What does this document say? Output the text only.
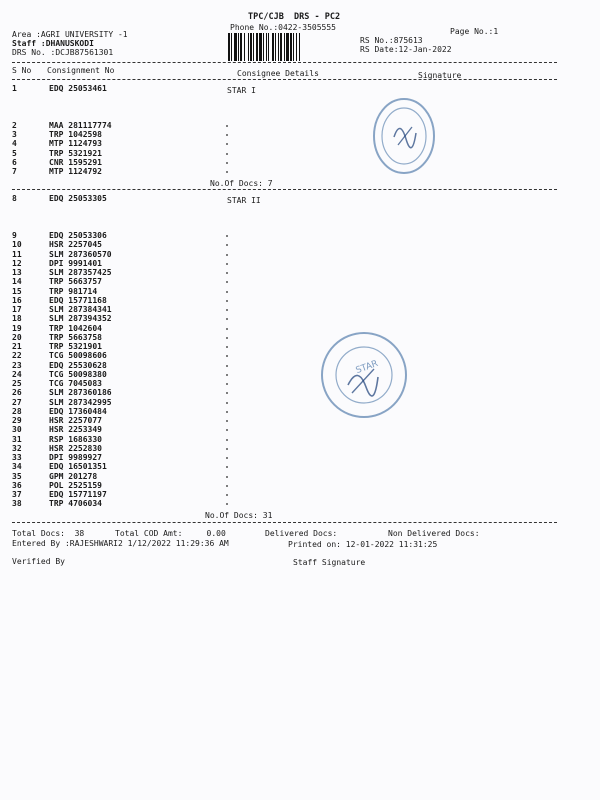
TPC/CJB  DRS - PC2
Phone No.:0422-3505555	Page No.:1
Area :AGRI UNIVERSITY -1
Staff :DHANUSKODI
DRS No. :DCJB87561301
RS No.:875613
RS Date:12-Jan-2022
S No Consignment No	Consignee Details	Signature
1	EDQ 25053461	STAR I
2	MAA 281117774
3	TRP 1042598
4	MTP 1124793
5	TRP 5321921
6	CNR 1595291
7	MTP 1124792
No.Of Docs: 7
8	EDQ 25053305	STAR II
9	EDQ 25053306
10	HSR 2257045
11	SLM 287360570
12	DPI 9991401
13	SLM 287357425
14	TRP 5663757
15	TRP 981714
16	EDQ 15771168
17	SLM 287384341
18	SLM 287394352
19	TRP 1042604
20	TRP 5663758
21	TRP 5321901
22	TCG 50098606
23	EDQ 25530628
24	TCG 50098380
25	TCG 7045083
26	SLM 287360186
27	SLM 287342995
28	EDQ 17360484
29	HSR 2257077
30	HSR 2253349
31	RSP 1686330
32	HSR 2252830
33	DPI 9989927
34	EDQ 16501351
35	GPM 201278
36	POL 2525159
37	EDQ 15771197
38	TRP 4706034
No.Of Docs: 31
Total Docs:  38	Total COD Amt:     0.00	Delivered Docs:	Non Delivered Docs:
Entered By :RAJESHWARI2 1/12/2022 11:29:36 AM	Printed on: 12-01-2022 11:31:25
Verified By	Staff Signature
STAR
